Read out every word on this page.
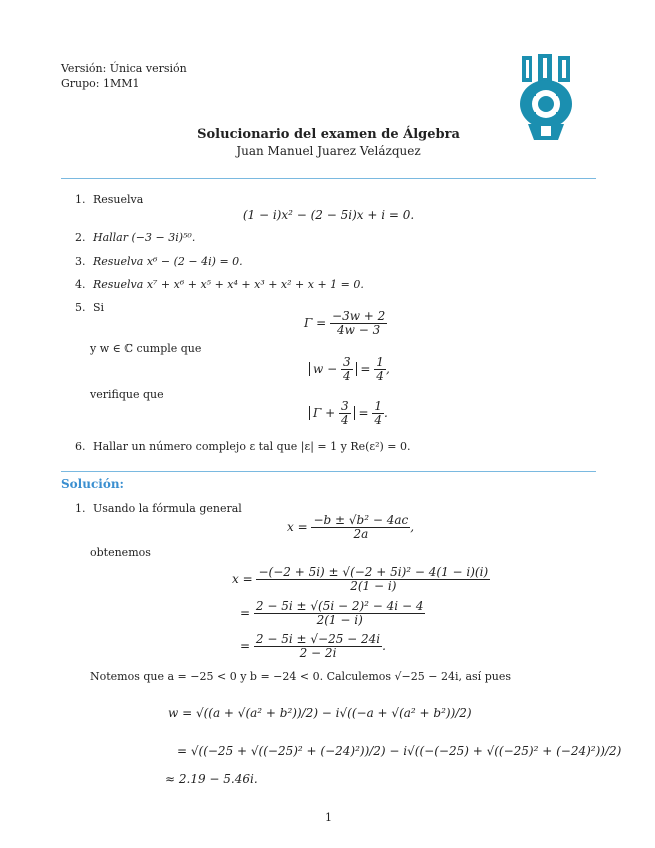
Versión: Única versión
Grupo: 1MM1
Solucionario del examen de Álgebra
Juan Manuel Juarez Velázquez
1. Resuelva
(1 − i)x² − (2 − 5i)x + i = 0.
2. Hallar (−3 − 3i)⁵⁰.
3. Resuelva x⁶ − (2 − 4i) = 0.
4. Resuelva x⁷ + x⁶ + x⁵ + x⁴ + x³ + x² + x + 1 = 0.
5. Si
$\Gamma = \frac{-3w + 2}{4w - 3}$
y w ∈ ℂ cumple que
$w - \frac{3}{4} = \frac{1}{4}$ ,
verifique que
$\Gamma + \frac{3}{4} = \frac{1}{4}$ .
6. Hallar un número complejo ε tal que |ε| = 1 y Re(ε²) = 0.
Solución:
1. Usando la fórmula general
$x = \frac{\text{−b ± √b² − 4ac}}{2a}$ ,
obtenemos
$x = \frac{\text{−(−2 + 5i) ± √(−2 + 5i)² − 4(1 − i)(i)}}{2(1 - i)}$
= $\frac{\text{2 − 5i ± √(5i − 2)² − 4i − 4}}{2(1 - i)}$
= $\frac{2 - 5i \pm √-25 - 24i}{2 - 2i}$ .
Notemos que a = −25 < 0 y b = −24 < 0. Calculemos √−25 − 24i, así pues
w = √((a + √(a² + b²))/2) − i√((−a + √(a² + b²))/2)
= √((−25 + √((−25)² + (−24)²))/2) − i√((−(−25) + √((−25)² + (−24)²))/2)
≈ 2.19 − 5.46i.
1
